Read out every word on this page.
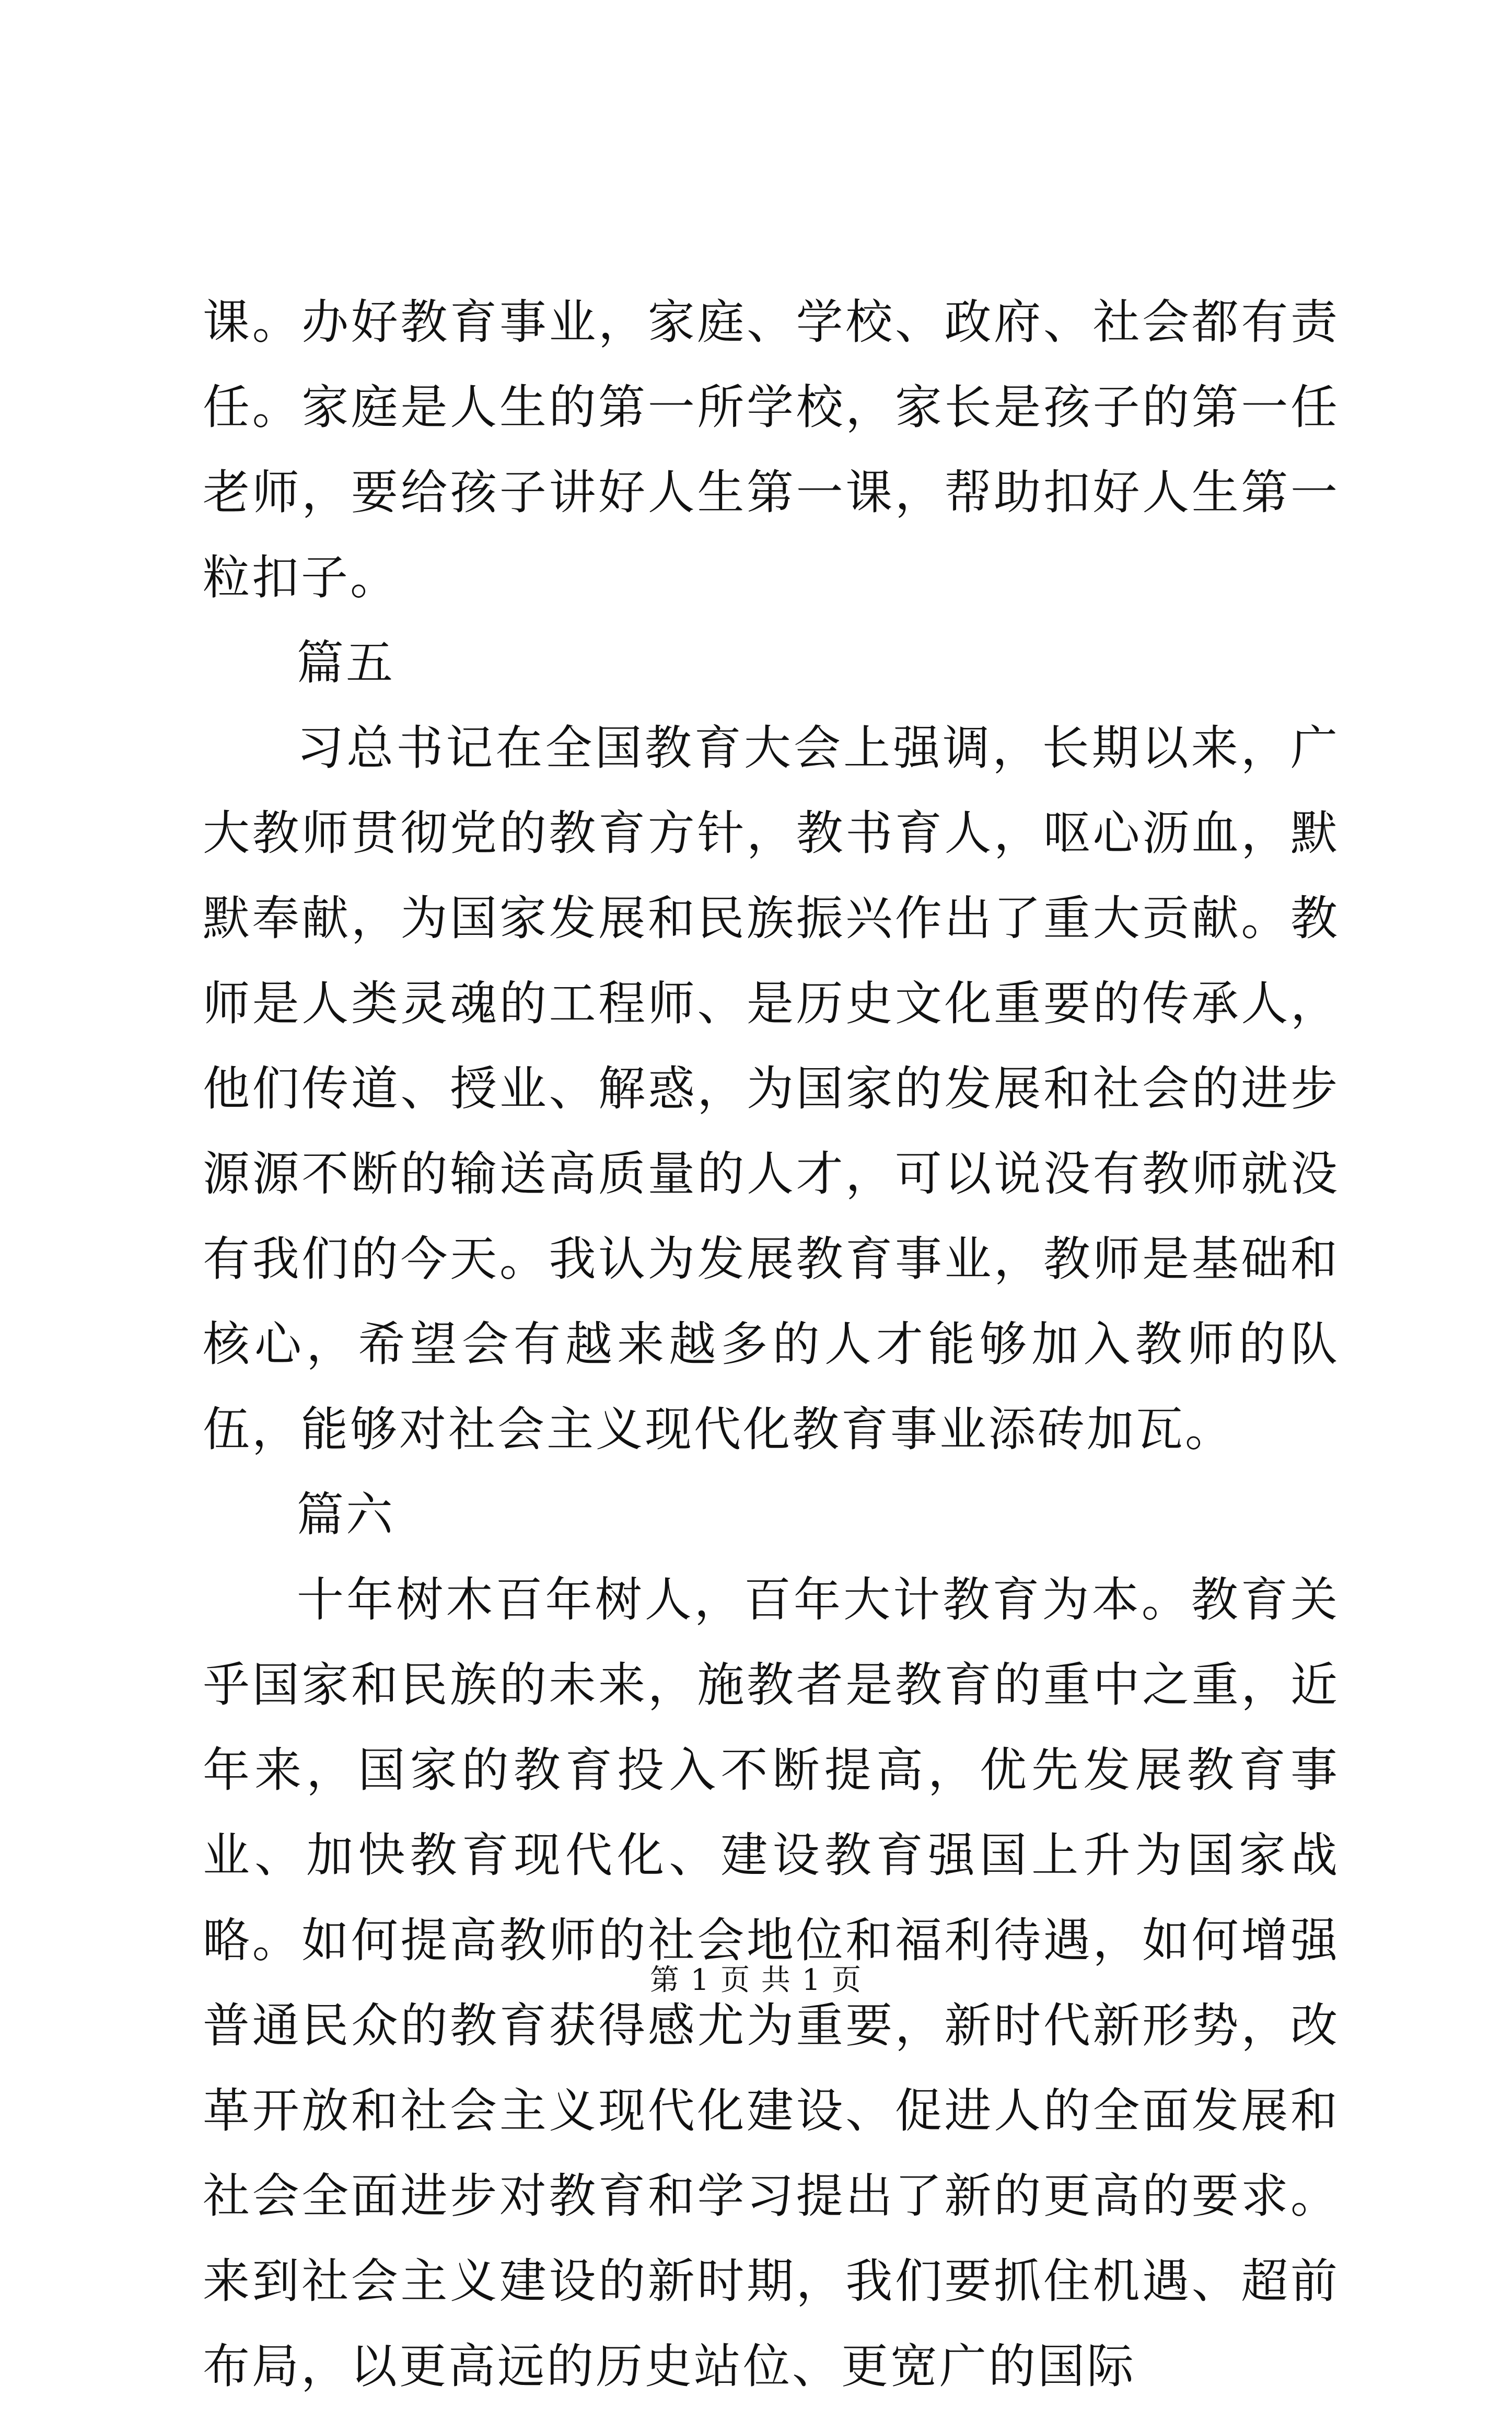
课。办好教育事业，家庭、学校、政府、社会都有责任。家庭是人生的第一所学校，家长是孩子的第一任老师，要给孩子讲好人生第一课，帮助扣好人生第一粒扣子。

篇五

习总书记在全国教育大会上强调，长期以来，广大教师贯彻党的教育方针，教书育人，呕心沥血，默默奉献，为国家发展和民族振兴作出了重大贡献。教师是人类灵魂的工程师、是历史文化重要的传承人，他们传道、授业、解惑，为国家的发展和社会的进步源源不断的输送高质量的人才，可以说没有教师就没有我们的今天。我认为发展教育事业，教师是基础和核心，希望会有越来越多的人才能够加入教师的队伍，能够对社会主义现代化教育事业添砖加瓦。

篇六

十年树木百年树人，百年大计教育为本。教育关乎国家和民族的未来，施教者是教育的重中之重，近年来，国家的教育投入不断提高，优先发展教育事业、加快教育现代化、建设教育强国上升为国家战略。如何提高教师的社会地位和福利待遇，如何增强普通民众的教育获得感尤为重要，新时代新形势，改革开放和社会主义现代化建设、促进人的全面发展和社会全面进步对教育和学习提出了新的更高的要求。来到社会主义建设的新时期，我们要抓住机遇、超前布局，以更高远的历史站位、更宽广的国际

第 1 页 共 1 页
